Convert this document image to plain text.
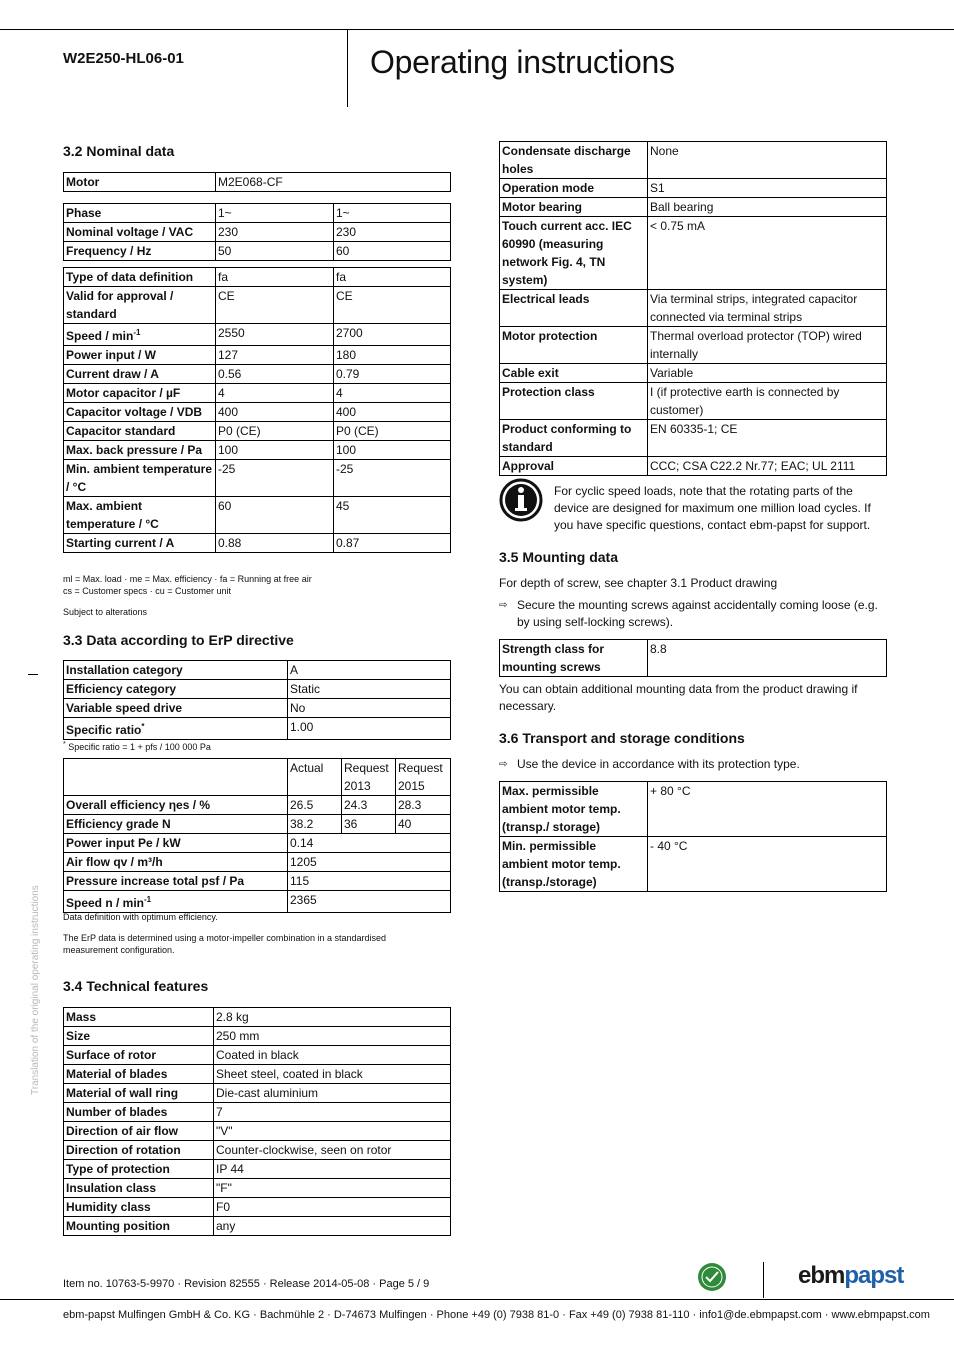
W2E250-HL06-01	Operating instructions
3.2 Nominal data
Motor	M2E068-CF
Phase	1~	1~
Nominal voltage / VAC	230	230
Frequency / Hz	50	60
Type of data definition	fa	fa
Valid for approval / standard	CE	CE
Speed / $\min^{-1}$	2550	2700
Power input / W	127	180
Current draw / A	0.56	0.79
Motor capacitor / µF	4	4
Capacitor voltage / VDB	400	400
Capacitor standard	P0 (CE)	P0 (CE)
Max. back pressure / Pa	100	100
Min. ambient temperature / °C	-25	-25
Max. ambient temperature / °C	60	45
Starting current / A	0.88	0.87
ml = Max. load · me = Max. efficiency · fa = Running at free air
cs = Customer specs · cu = Customer unit
Subject to alterations
3.3 Data according to ErP directive
Installation category	A
Efficiency category	Static
Variable speed drive	No
Specific ratio*	1.00
* Specific ratio = 1 + pfs / 100 000 Pa
	Actual	Request 2013	Request 2015
Overall efficiency ηes / %	26.5	24.3	28.3
Efficiency grade N	38.2	36	40
Power input Pe / kW	0.14		
Air flow qv / m³/h	1205		
Pressure increase total psf / Pa	115		
Speed n / $\min^{-1}$	2365		
Data definition with optimum efficiency.
The ErP data is determined using a motor-impeller combination in a standardised measurement configuration.
3.4 Technical features
Mass	2.8 kg
Size	250 mm
Surface of rotor	Coated in black
Material of blades	Sheet steel, coated in black
Material of wall ring	Die-cast aluminium
Number of blades	7
Direction of air flow	"V"
Direction of rotation	Counter-clockwise, seen on rotor
Type of protection	IP 44
Insulation class	"F"
Humidity class	F0
Mounting position	any
Condensate discharge holes	None
Operation mode	S1
Motor bearing	Ball bearing
Touch current acc. IEC 60990 (measuring network Fig. 4, TN system)	< 0.75 mA
Electrical leads	Via terminal strips, integrated capacitor connected via terminal strips
Motor protection	Thermal overload protector (TOP) wired internally
Cable exit	Variable
Protection class	I (if protective earth is connected by customer)
Product conforming to standard	EN 60335-1; CE
Approval	CCC; CSA C22.2 Nr.77; EAC; UL 2111
For cyclic speed loads, note that the rotating parts of the device are designed for maximum one million load cycles. If you have specific questions, contact ebm-papst for support.
3.5 Mounting data
For depth of screw, see chapter 3.1 Product drawing
⇨ Secure the mounting screws against accidentally coming loose (e.g. by using self-locking screws).
Strength class for mounting screws	8.8
You can obtain additional mounting data from the product drawing if necessary.
3.6 Transport and storage conditions
⇨ Use the device in accordance with its protection type.
Max. permissible ambient motor temp. (transp./ storage)	+ 80 °C
Min. permissible ambient motor temp. (transp./storage)	- 40 °C
Translation of the original operating instructions
Item no. 10763-5-9970 · Revision 82555 · Release 2014-05-08 · Page 5 / 9	ebmpapst
ebm-papst Mulfingen GmbH & Co. KG · Bachmühle 2 · D-74673 Mulfingen · Phone +49 (0) 7938 81-0 · Fax +49 (0) 7938 81-110 · info1@de.ebmpapst.com · www.ebmpapst.com
